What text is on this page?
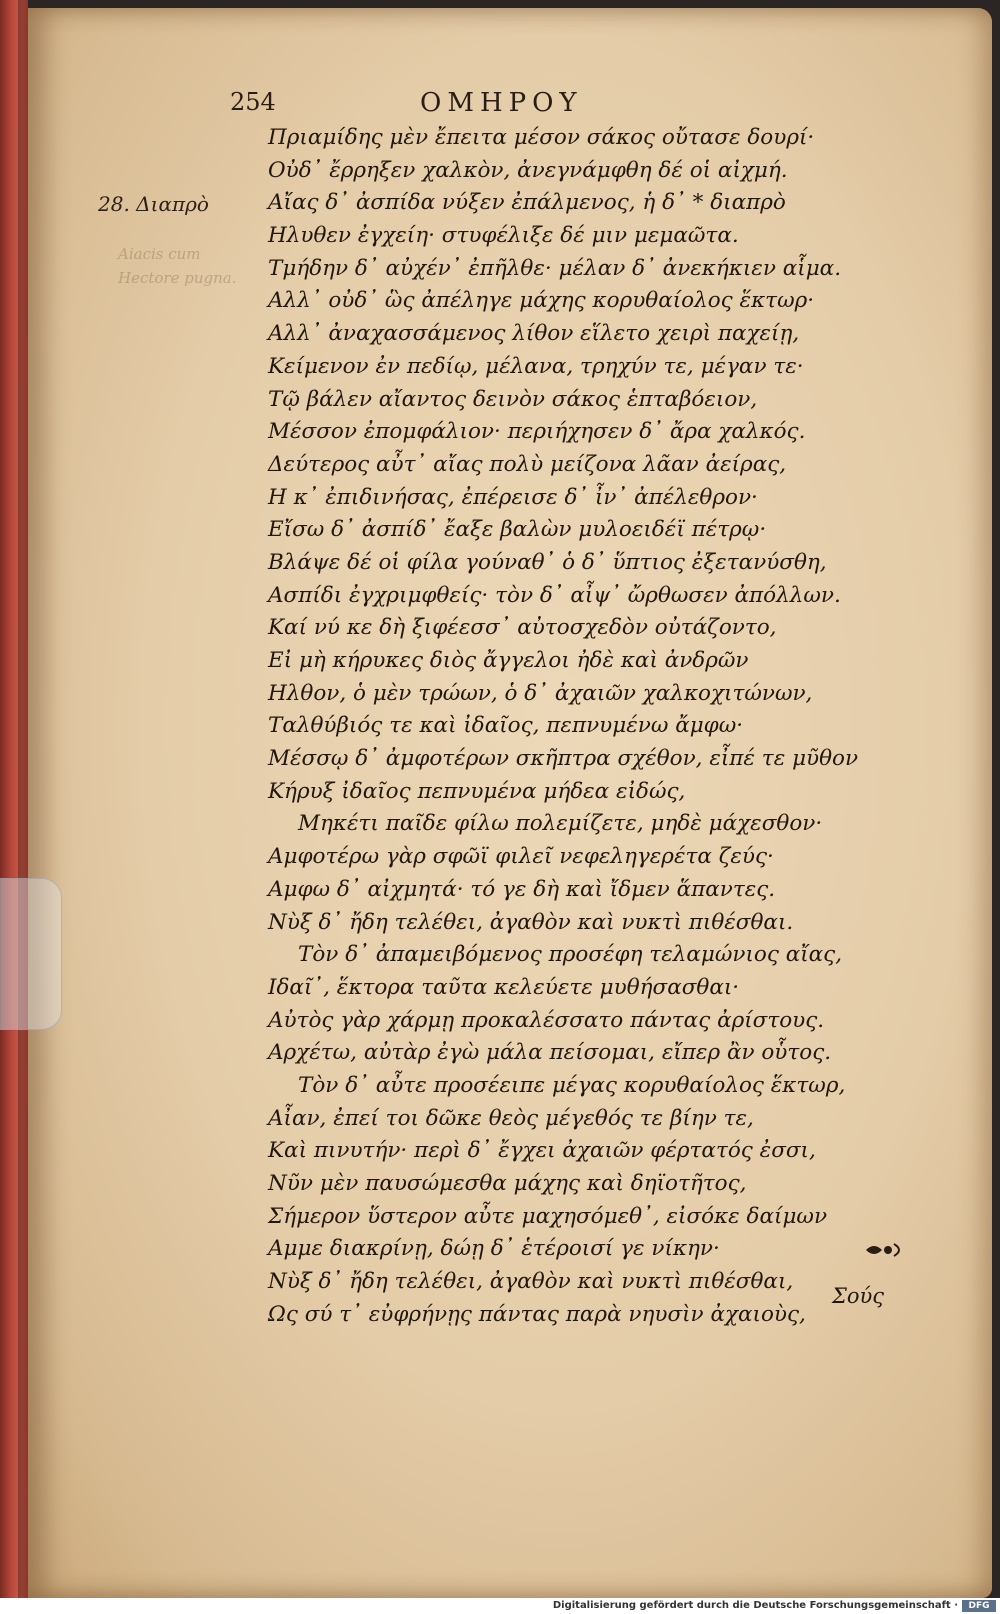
254	ΟΜΗΡΟΥ
28. Διαπρὸ
Aiacis cum Hectore pugna.
Πριαμίδης μὲν ἔπειτα μέσον σάκος οὔτασε δουρί·
Οὐδ᾽ ἔρρηξεν χαλκὸν, ἀνεγνάμφθη δέ οἱ αἰχμή.
Αἴας δ᾽ ἀσπίδα νύξεν ἐπάλμενος, ἡ δ᾽ * διαπρὸ
Ηλυθεν ἐγχείη· στυφέλιξε δέ μιν μεμαῶτα.
Τμήδην δ᾽ αὐχέν᾽ ἐπῆλθε· μέλαν δ᾽ ἀνεκήκιεν αἷμα.
Αλλ᾽ οὐδ᾽ ὣς ἀπέληγε μάχης κορυθαίολος ἕκτωρ·
Αλλ᾽ ἀναχασσάμενος λίθον εἵλετο χειρὶ παχείῃ,
Κείμενον ἐν πεδίῳ, μέλανα, τρηχύν τε, μέγαν τε·
Τῷ βάλεν αἴαντος δεινὸν σάκος ἑπταβόειον,
Μέσσον ἐπομφάλιον· περιήχησεν δ᾽ ἄρα χαλκός.
Δεύτερος αὖτ᾽ αἴας πολὺ μείζονα λᾶαν ἀείρας,
Η κ᾽ ἐπιδινήσας, ἐπέρεισε δ᾽ ἶν᾽ ἀπέλεθρον·
Εἴσω δ᾽ ἀσπίδ᾽ ἔαξε βαλὼν μυλοειδέϊ πέτρῳ·
Βλάψε δέ οἱ φίλα γούναθ᾽ ὁ δ᾽ ὕπτιος ἐξετανύσθη,
Ασπίδι ἐγχριμφθείς· τὸν δ᾽ αἶψ᾽ ὤρθωσεν ἀπόλλων.
Καί νύ κε δὴ ξιφέεσσ᾽ αὐτοσχεδὸν οὐτάζοντο,
Εἰ μὴ κήρυκες διὸς ἄγγελοι ἠδὲ καὶ ἀνδρῶν
Ηλθον, ὁ μὲν τρώων, ὁ δ᾽ ἀχαιῶν χαλκοχιτώνων,
Ταλθύβιός τε καὶ ἰδαῖος, πεπνυμένω ἄμφω·
Μέσσῳ δ᾽ ἀμφοτέρων σκῆπτρα σχέθον, εἶπέ τε μῦθον
Κήρυξ ἰδαῖος πεπνυμένα μήδεα εἰδώς,
Μηκέτι παῖδε φίλω πολεμίζετε, μηδὲ μάχεσθον·
Αμφοτέρω γὰρ σφῶϊ φιλεῖ νεφεληγερέτα ζεύς·
Αμφω δ᾽ αἰχμητά· τό γε δὴ καὶ ἴδμεν ἅπαντες.
Νὺξ δ᾽ ἤδη τελέθει, ἀγαθὸν καὶ νυκτὶ πιθέσθαι.
Τὸν δ᾽ ἀπαμειβόμενος προσέφη τελαμώνιος αἴας,
Ιδαῖ᾽, ἕκτορα ταῦτα κελεύετε μυθήσασθαι·
Αὐτὸς γὰρ χάρμῃ προκαλέσσατο πάντας ἀρίστους.
Αρχέτω, αὐτὰρ ἐγὼ μάλα πείσομαι, εἴπερ ἂν οὗτος.
Τὸν δ᾽ αὖτε προσέειπε μέγας κορυθαίολος ἕκτωρ,
Αἶαν, ἐπεί τοι δῶκε θεὸς μέγεθός τε βίην τε,
Καὶ πινυτήν· περὶ δ᾽ ἔγχει ἀχαιῶν φέρτατός ἐσσι,
Νῦν μὲν παυσώμεσθα μάχης καὶ δηϊοτῆτος,
Σήμερον ὕστερον αὖτε μαχησόμεθ᾽, εἰσόκε δαίμων
Αμμε διακρίνῃ, δώῃ δ᾽ ἑτέροισί γε νίκην·
Νὺξ δ᾽ ἤδη τελέθει, ἀγαθὸν καὶ νυκτὶ πιθέσθαι,
Ως σύ τ᾽ εὐφρήνῃς πάντας παρὰ νηυσὶν ἀχαιοὺς,
Σούς
Digitalisierung gefördert durch die Deutsche Forschungsgemeinschaft ·	DFG
